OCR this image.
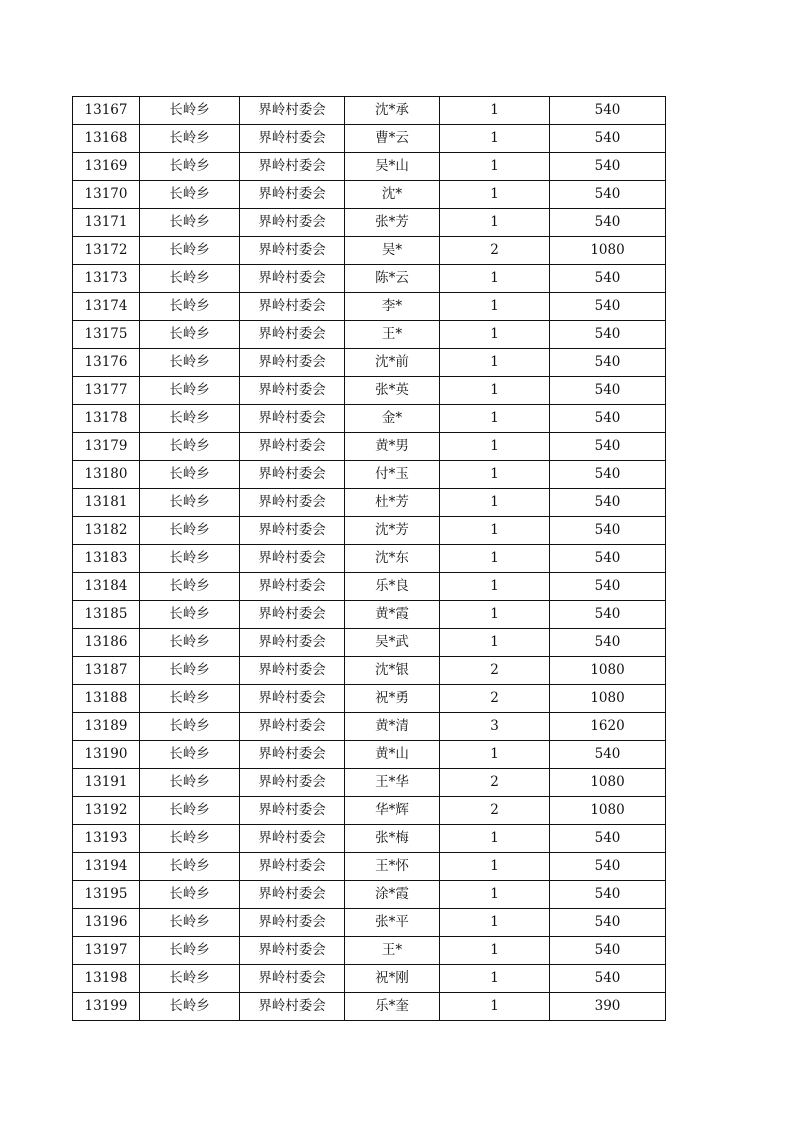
13167	长岭乡	界岭村委会	沈*承	1	540
13168	长岭乡	界岭村委会	曹*云	1	540
13169	长岭乡	界岭村委会	吴*山	1	540
13170	长岭乡	界岭村委会	沈*	1	540
13171	长岭乡	界岭村委会	张*芳	1	540
13172	长岭乡	界岭村委会	吴*	2	1080
13173	长岭乡	界岭村委会	陈*云	1	540
13174	长岭乡	界岭村委会	李*	1	540
13175	长岭乡	界岭村委会	王*	1	540
13176	长岭乡	界岭村委会	沈*前	1	540
13177	长岭乡	界岭村委会	张*英	1	540
13178	长岭乡	界岭村委会	金*	1	540
13179	长岭乡	界岭村委会	黄*男	1	540
13180	长岭乡	界岭村委会	付*玉	1	540
13181	长岭乡	界岭村委会	杜*芳	1	540
13182	长岭乡	界岭村委会	沈*芳	1	540
13183	长岭乡	界岭村委会	沈*东	1	540
13184	长岭乡	界岭村委会	乐*良	1	540
13185	长岭乡	界岭村委会	黄*霞	1	540
13186	长岭乡	界岭村委会	吴*武	1	540
13187	长岭乡	界岭村委会	沈*银	2	1080
13188	长岭乡	界岭村委会	祝*勇	2	1080
13189	长岭乡	界岭村委会	黄*清	3	1620
13190	长岭乡	界岭村委会	黄*山	1	540
13191	长岭乡	界岭村委会	王*华	2	1080
13192	长岭乡	界岭村委会	华*辉	2	1080
13193	长岭乡	界岭村委会	张*梅	1	540
13194	长岭乡	界岭村委会	王*怀	1	540
13195	长岭乡	界岭村委会	涂*霞	1	540
13196	长岭乡	界岭村委会	张*平	1	540
13197	长岭乡	界岭村委会	王*	1	540
13198	长岭乡	界岭村委会	祝*刚	1	540
13199	长岭乡	界岭村委会	乐*奎	1	390
